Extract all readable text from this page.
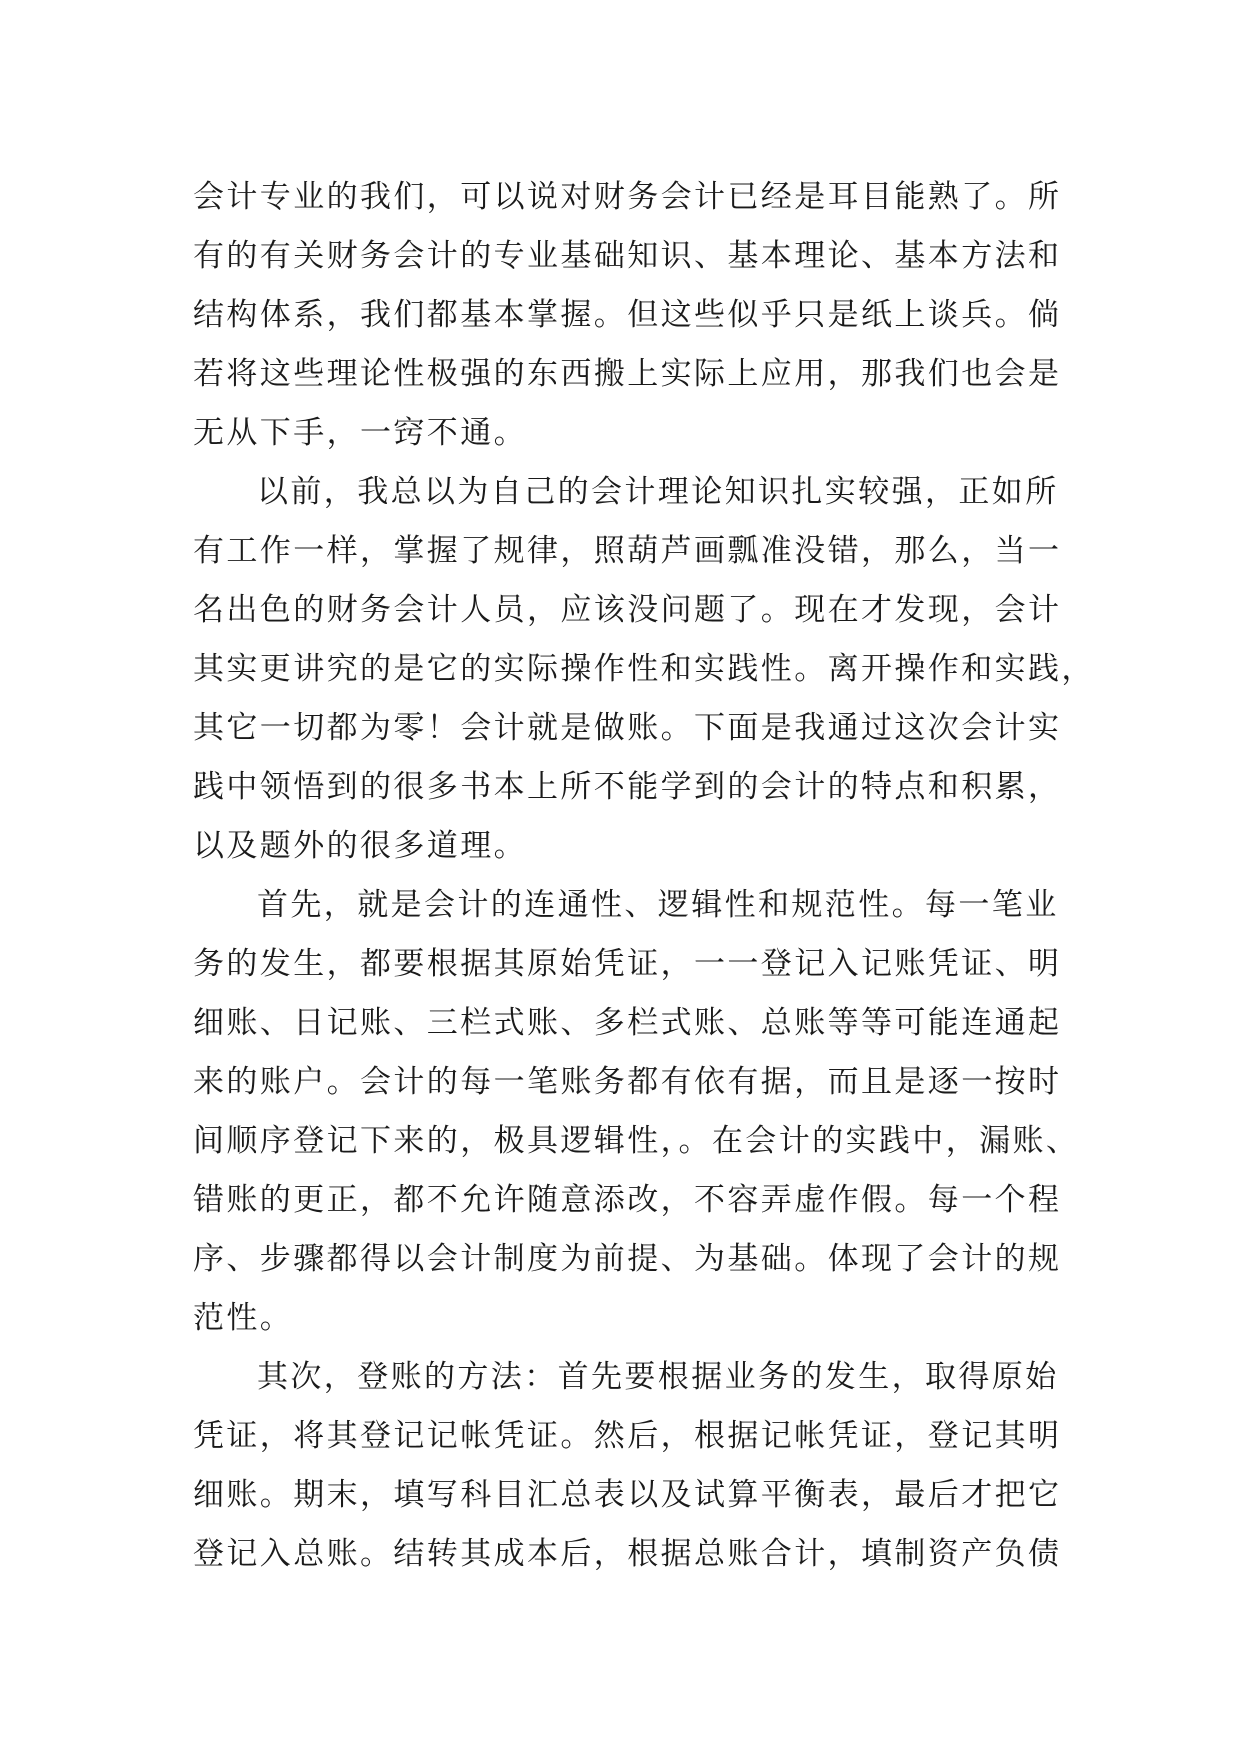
会计专业的我们，可以说对财务会计已经是耳目能熟了。所
有的有关财务会计的专业基础知识、基本理论、基本方法和
结构体系，我们都基本掌握。但这些似乎只是纸上谈兵。倘
若将这些理论性极强的东西搬上实际上应用，那我们也会是
无从下手，一窍不通。
以前，我总以为自己的会计理论知识扎实较强，正如所
有工作一样，掌握了规律，照葫芦画瓢准没错，那么，当一
名出色的财务会计人员，应该没问题了。现在才发现，会计
其实更讲究的是它的实际操作性和实践性。离开操作和实践，
其它一切都为零！会计就是做账。下面是我通过这次会计实
践中领悟到的很多书本上所不能学到的会计的特点和积累，
以及题外的很多道理。
首先，就是会计的连通性、逻辑性和规范性。每一笔业
务的发生，都要根据其原始凭证，一一登记入记账凭证、明
细账、日记账、三栏式账、多栏式账、总账等等可能连通起
来的账户。会计的每一笔账务都有依有据，而且是逐一按时
间顺序登记下来的，极具逻辑性，。在会计的实践中，漏账、
错账的更正，都不允许随意添改，不容弄虚作假。每一个程
序、步骤都得以会计制度为前提、为基础。体现了会计的规
范性。
其次，登账的方法：首先要根据业务的发生，取得原始
凭证，将其登记记帐凭证。然后，根据记帐凭证，登记其明
细账。期末，填写科目汇总表以及试算平衡表，最后才把它
登记入总账。结转其成本后，根据总账合计，填制资产负债
